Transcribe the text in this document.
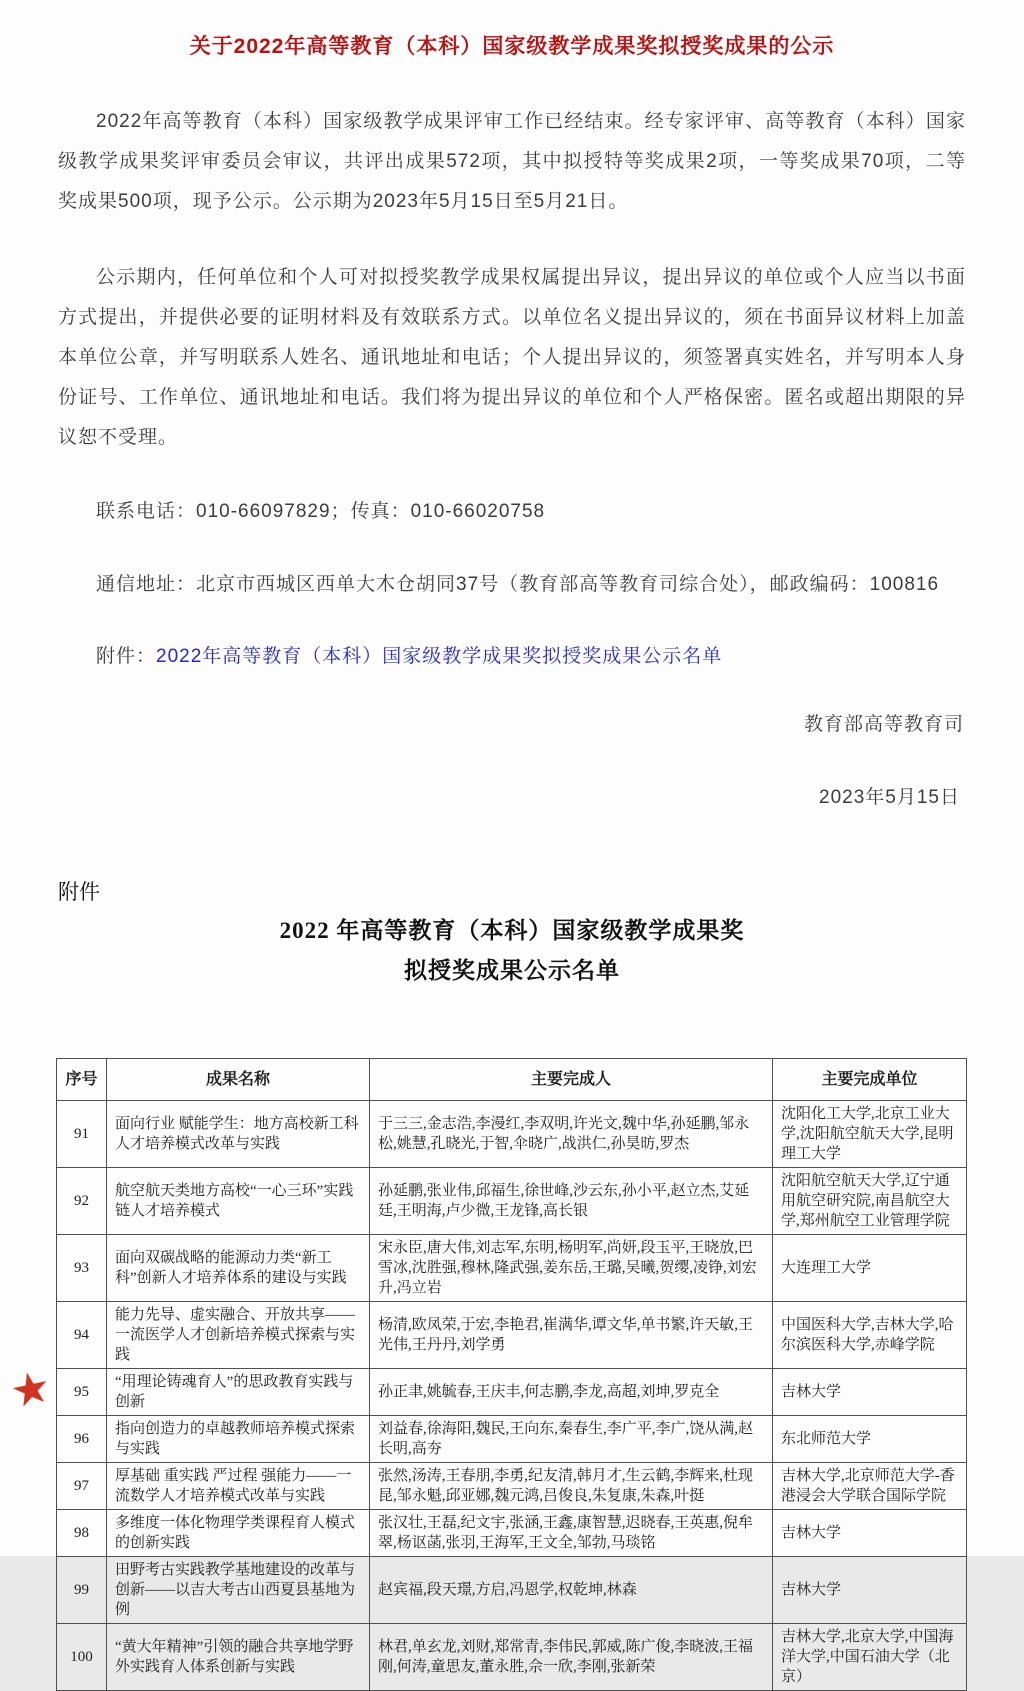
关于2022年高等教育（本科）国家级教学成果奖拟授奖成果的公示

2022年高等教育（本科）国家级教学成果评审工作已经结束。经专家评审、高等教育（本科）国家级教学成果奖评审委员会审议，共评出成果572项，其中拟授特等奖成果2项，一等奖成果70项，二等奖成果500项，现予公示。公示期为2023年5月15日至5月21日。

公示期内，任何单位和个人可对拟授奖教学成果权属提出异议，提出异议的单位或个人应当以书面方式提出，并提供必要的证明材料及有效联系方式。以单位名义提出异议的，须在书面异议材料上加盖本单位公章，并写明联系人姓名、通讯地址和电话；个人提出异议的，须签署真实姓名，并写明本人身份证号、工作单位、通讯地址和电话。我们将为提出异议的单位和个人严格保密。匿名或超出期限的异议恕不受理。

联系电话：010-66097829；传真：010-66020758

通信地址：北京市西城区西单大木仓胡同37号（教育部高等教育司综合处），邮政编码：100816

附件：2022年高等教育（本科）国家级教学成果奖拟授奖成果公示名单

教育部高等教育司

2023年5月15日

附件
2022 年高等教育（本科）国家级教学成果奖
拟授奖成果公示名单
序号	成果名称	主要完成人	主要完成单位
91	面向行业 赋能学生：地方高校新工科人才培养模式改革与实践	于三三,金志浩,李漫红,李双明,许光文,魏中华,孙延鹏,邹永松,姚慧,孔晓光,于智,伞晓广,战洪仁,孙昊昉,罗杰	沈阳化工大学,北京工业大学,沈阳航空航天大学,昆明理工大学
92	航空航天类地方高校“一心三环”实践链人才培养模式	孙延鹏,张业伟,邱福生,徐世峰,沙云东,孙小平,赵立杰,艾延廷,王明海,卢少微,王龙锋,高长银	沈阳航空航天大学,辽宁通用航空研究院,南昌航空大学,郑州航空工业管理学院
93	面向双碳战略的能源动力类“新工科”创新人才培养体系的建设与实践	宋永臣,唐大伟,刘志军,东明,杨明军,尚妍,段玉平,王晓放,巴雪冰,沈胜强,穆林,隆武强,姜东岳,王璐,吴曦,贺缨,凌铮,刘宏升,冯立岩	大连理工大学
94	能力先导、虚实融合、开放共享——一流医学人才创新培养模式探索与实践	杨清,欧凤荣,于宏,李艳君,崔满华,谭文华,单书繁,许天敏,王光伟,王丹丹,刘学勇	中国医科大学,吉林大学,哈尔滨医科大学,赤峰学院

★ 95	“用理论铸魂育人”的思政教育实践与创新	孙正聿,姚毓春,王庆丰,何志鹏,李龙,高超,刘坤,罗克全	吉林大学
96	指向创造力的卓越教师培养模式探索与实践	刘益春,徐海阳,魏民,王向东,秦春生,李广平,李广,饶从满,赵长明,高夯	东北师范大学
97	厚基础 重实践 严过程 强能力——一流数学人才培养模式改革与实践	张然,汤涛,王春朋,李勇,纪友清,韩月才,生云鹤,李辉来,杜现昆,邹永魁,邱亚娜,魏元鸿,吕俊良,朱复康,朱森,叶挺	吉林大学,北京师范大学-香港浸会大学联合国际学院
98	多维度一体化物理学类课程育人模式的创新实践	张汉壮,王磊,纪文宇,张涵,王鑫,康智慧,迟晓春,王英惠,倪牟翠,杨讴菡,张羽,王海军,王文全,邹勃,马琰铭	吉林大学
99	田野考古实践教学基地建设的改革与创新——以吉大考古山西夏县基地为例	赵宾福,段天璟,方启,冯恩学,权乾坤,林森	吉林大学
100	“黄大年精神”引领的融合共享地学野外实践育人体系创新与实践	林君,单玄龙,刘财,郑常青,李伟民,郭威,陈广俊,李晓波,王福刚,何涛,童思友,董永胜,佘一欣,李刚,张新荣	吉林大学,北京大学,中国海洋大学,中国石油大学（北京）
